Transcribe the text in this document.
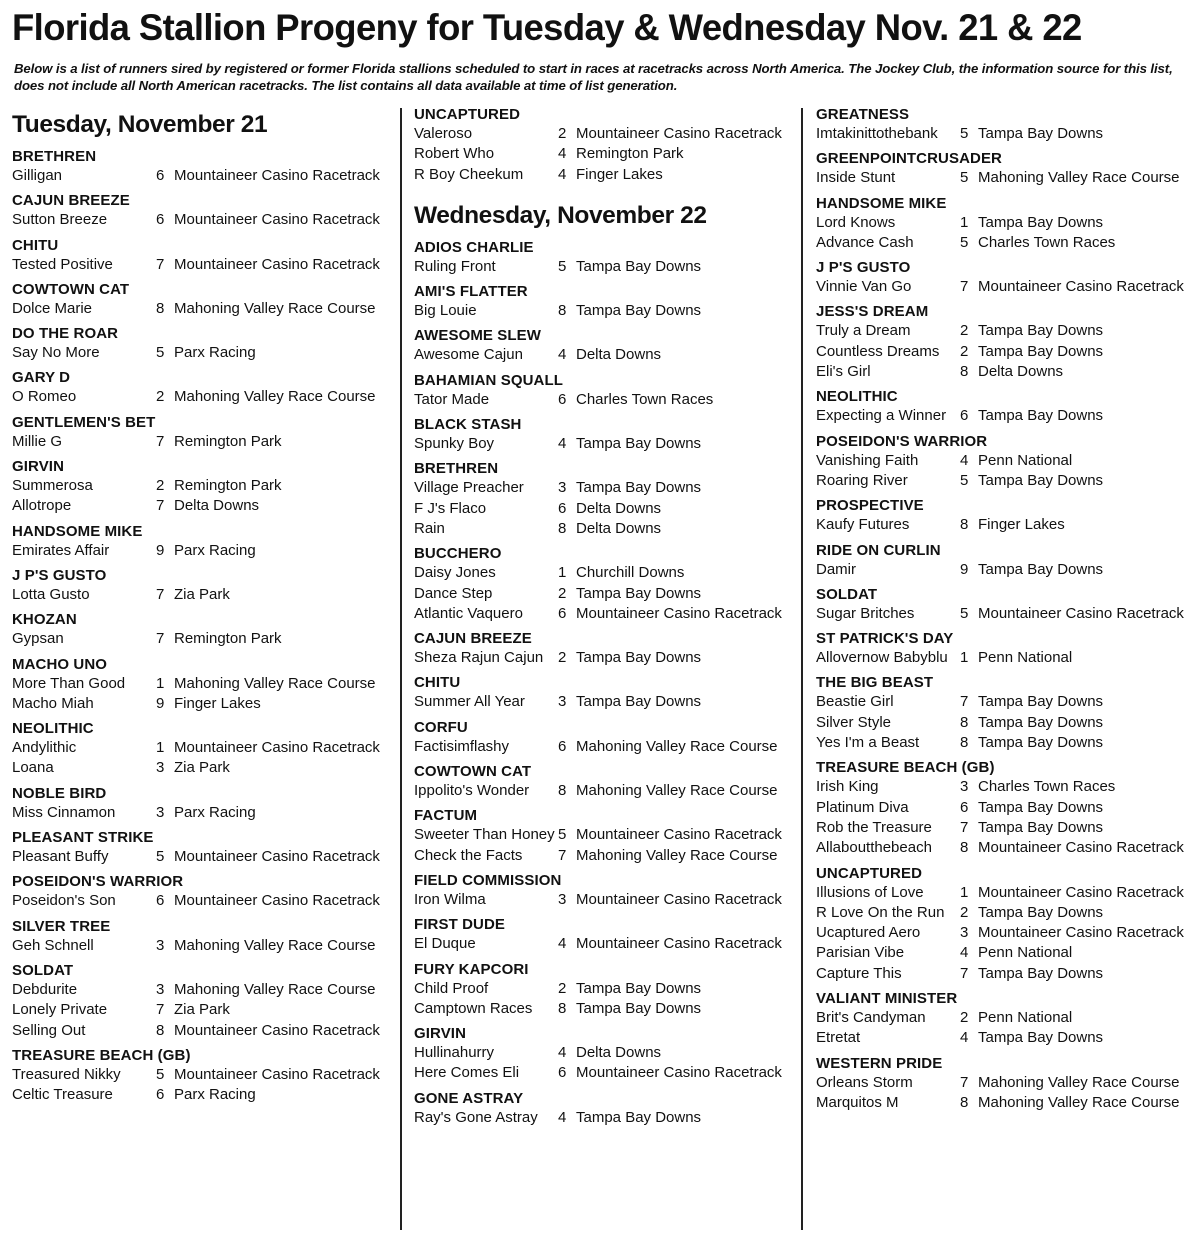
Florida Stallion Progeny for Tuesday & Wednesday Nov. 21 & 22

Below is a list of runners sired by registered or former Florida stallions scheduled to start in races at racetracks across North America. The Jockey Club, the information source for this list, does not include all North American racetracks. The list contains all data available at time of list generation.

Tuesday, November 21
BRETHREN
Gilligan	6 Mountaineer Casino Racetrack
CAJUN BREEZE
Sutton Breeze	6 Mountaineer Casino Racetrack
CHITU
Tested Positive	7 Mountaineer Casino Racetrack
COWTOWN CAT
Dolce Marie	8 Mahoning Valley Race Course
DO THE ROAR
Say No More	5 Parx Racing
GARY D
O Romeo	2 Mahoning Valley Race Course
GENTLEMEN'S BET
Millie G	7 Remington Park
GIRVIN
Summerosa	2 Remington Park
Allotrope	7 Delta Downs
HANDSOME MIKE
Emirates Affair	9 Parx Racing
J P'S GUSTO
Lotta Gusto	7 Zia Park
KHOZAN
Gypsan	7 Remington Park
MACHO UNO
More Than Good	1 Mahoning Valley Race Course
Macho Miah	9 Finger Lakes
NEOLITHIC
Andylithic	1 Mountaineer Casino Racetrack
Loana	3 Zia Park
NOBLE BIRD
Miss Cinnamon	3 Parx Racing
PLEASANT STRIKE
Pleasant Buffy	5 Mountaineer Casino Racetrack
POSEIDON'S WARRIOR
Poseidon's Son	6 Mountaineer Casino Racetrack
SILVER TREE
Geh Schnell	3 Mahoning Valley Race Course
SOLDAT
Debdurite	3 Mahoning Valley Race Course
Lonely Private	7 Zia Park
Selling Out	8 Mountaineer Casino Racetrack
TREASURE BEACH (GB)
Treasured Nikky	5 Mountaineer Casino Racetrack
Celtic Treasure	6 Parx Racing
UNCAPTURED
Valeroso	2 Mountaineer Casino Racetrack
Robert Who	4 Remington Park
R Boy Cheekum	4 Finger Lakes
Wednesday, November 22
ADIOS CHARLIE
Ruling Front	5 Tampa Bay Downs
AMI'S FLATTER
Big Louie	8 Tampa Bay Downs
AWESOME SLEW
Awesome Cajun	4 Delta Downs
BAHAMIAN SQUALL
Tator Made	6 Charles Town Races
BLACK STASH
Spunky Boy	4 Tampa Bay Downs
BRETHREN
Village Preacher	3 Tampa Bay Downs
F J's Flaco	6 Delta Downs
Rain	8 Delta Downs
BUCCHERO
Daisy Jones	1 Churchill Downs
Dance Step	2 Tampa Bay Downs
Atlantic Vaquero	6 Mountaineer Casino Racetrack
CAJUN BREEZE
Sheza Rajun Cajun 2 Tampa Bay Downs
CHITU
Summer All Year	3 Tampa Bay Downs
CORFU
Factisimflashy	6 Mahoning Valley Race Course
COWTOWN CAT
Ippolito's Wonder	8 Mahoning Valley Race Course
FACTUM
Sweeter Than Honey 5 Mountaineer Casino Racetrack
Check the Facts	7 Mahoning Valley Race Course
FIELD COMMISSION
Iron Wilma	3 Mountaineer Casino Racetrack
FIRST DUDE
El Duque	4 Mountaineer Casino Racetrack
FURY KAPCORI
Child Proof	2 Tampa Bay Downs
Camptown Races	8 Tampa Bay Downs
GIRVIN
Hullinahurry	4 Delta Downs
Here Comes Eli	6 Mountaineer Casino Racetrack
GONE ASTRAY
Ray's Gone Astray	4 Tampa Bay Downs
GREATNESS
Imtakinittothebank	5 Tampa Bay Downs
GREENPOINTCRUSADER
Inside Stunt	5 Mahoning Valley Race Course
HANDSOME MIKE
Lord Knows	1 Tampa Bay Downs
Advance Cash	5 Charles Town Races
J P'S GUSTO
Vinnie Van Go	7 Mountaineer Casino Racetrack
JESS'S DREAM
Truly a Dream	2 Tampa Bay Downs
Countless Dreams	2 Tampa Bay Downs
Eli's Girl	8 Delta Downs
NEOLITHIC
Expecting a Winner 6 Tampa Bay Downs
POSEIDON'S WARRIOR
Vanishing Faith	4 Penn National
Roaring River	5 Tampa Bay Downs
PROSPECTIVE
Kaufy Futures	8 Finger Lakes
RIDE ON CURLIN
Damir	9 Tampa Bay Downs
SOLDAT
Sugar Britches	5 Mountaineer Casino Racetrack
ST PATRICK'S DAY
Allovernow Babyblu 1 Penn National
THE BIG BEAST
Beastie Girl	7 Tampa Bay Downs
Silver Style	8 Tampa Bay Downs
Yes I'm a Beast	8 Tampa Bay Downs
TREASURE BEACH (GB)
Irish King	3 Charles Town Races
Platinum Diva	6 Tampa Bay Downs
Rob the Treasure	7 Tampa Bay Downs
Allaboutthebeach	8 Mountaineer Casino Racetrack
UNCAPTURED
Illusions of Love	1 Mountaineer Casino Racetrack
R Love On the Run	2 Tampa Bay Downs
Ucaptured Aero	3 Mountaineer Casino Racetrack
Parisian Vibe	4 Penn National
Capture This	7 Tampa Bay Downs
VALIANT MINISTER
Brit's Candyman	2 Penn National
Etretat	4 Tampa Bay Downs
WESTERN PRIDE
Orleans Storm	7 Mahoning Valley Race Course
Marquitos M	8 Mahoning Valley Race Course
